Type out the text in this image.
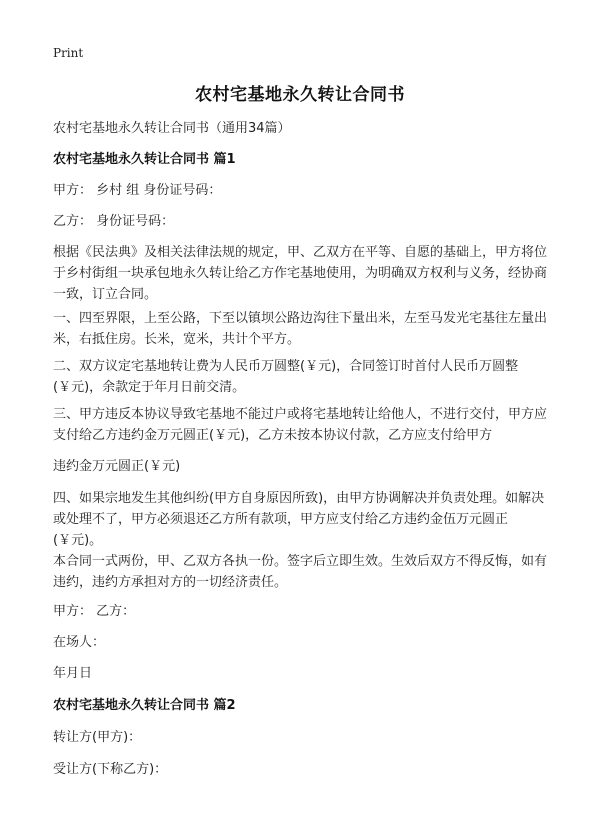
Print
农村宅基地永久转让合同书

农村宅基地永久转让合同书（通用34篇）

农村宅基地永久转让合同书 篇1

甲方： 乡村 组 身份证号码：

乙方： 身份证号码：

根据《民法典》及相关法律法规的规定，甲、乙双方在平等、自愿的基础上，甲方将位于乡村街组一块承包地永久转让给乙方作宅基地使用，为明确双方权利与义务，经协商一致，订立合同。

一、四至界限，上至公路，下至以镇坝公路边沟往下量出米，左至马发光宅基往左量出米，右抵住房。长米，宽米，共计个平方。

二、双方议定宅基地转让费为人民币万圆整(￥元)，合同签订时首付人民币万圆整(￥元)，余款定于年月日前交清。

三、甲方违反本协议导致宅基地不能过户或将宅基地转让给他人，不进行交付，甲方应支付给乙方违约金万元圆正(￥元)，乙方未按本协议付款，乙方应支付给甲方

违约金万元圆正(￥元)

四、如果宗地发生其他纠纷(甲方自身原因所致)，由甲方协调解决并负责处理。如解决或处理不了，甲方必须退还乙方所有款项，甲方应支付给乙方违约金伍万元圆正(￥元)。

本合同一式两份，甲、乙双方各执一份。签字后立即生效。生效后双方不得反悔，如有违约，违约方承担对方的一切经济责任。

甲方： 乙方：

在场人：

年月日

农村宅基地永久转让合同书 篇2

转让方(甲方)：

受让方(下称乙方)：
